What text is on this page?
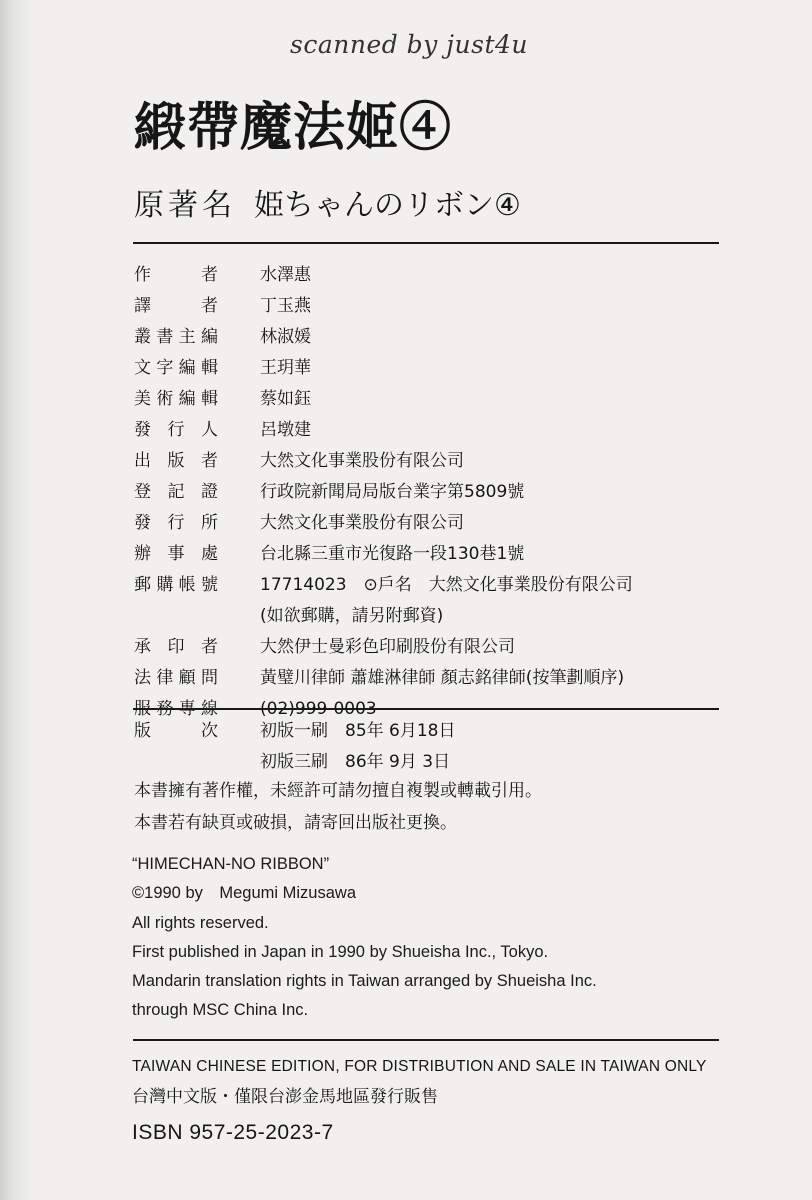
scanned by just4u
緞帶魔法姬④
原著名 姫ちゃんのリボン④
作	者 水澤惠
譯	者 丁玉燕
叢 書 主 編 林淑媛
文 字 編 輯 王玥華
美 術 編 輯 蔡如鈺
發 行 人 呂墩建
出 版 者 大然文化事業股份有限公司
登 記 證 行政院新聞局局版台業字第5809號
發 行 所 大然文化事業股份有限公司
辦 事 處 台北縣三重市光復路一段130巷1號
郵 購 帳 號 17714023　⊙戶名　大然文化事業股份有限公司
(如欲郵購，請另附郵資)
承 印 者 大然伊士曼彩色印刷股份有限公司
法 律 顧 問 黃璧川律師 蕭雄淋律師 顏志銘律師(按筆劃順序)
服 務 專 線 (02)999-0003
版	次 初版一刷　85年 6月18日
初版三刷　86年 9月 3日
本書擁有著作權，未經許可請勿擅自複製或轉載引用。
本書若有缺頁或破損，請寄回出版社更換。
“HIMECHAN-NO RIBBON”
©1990 by　Megumi Mizusawa
All rights reserved.
First published in Japan in 1990 by Shueisha Inc., Tokyo.
Mandarin translation rights in Taiwan arranged by Shueisha Inc.
through MSC China Inc.
TAIWAN CHINESE EDITION, FOR DISTRIBUTION AND SALE IN TAIWAN ONLY
台灣中文版・僅限台澎金馬地區發行販售
ISBN 957-25-2023-7
